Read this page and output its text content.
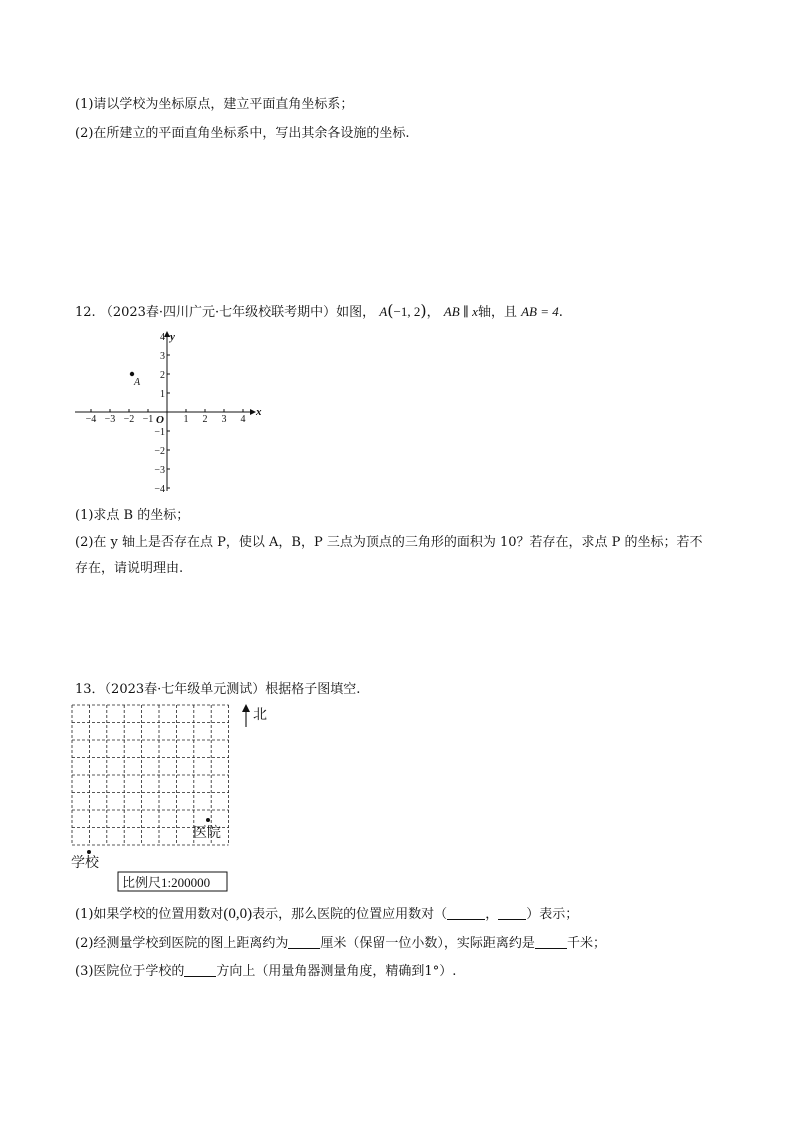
(1)请以学校为坐标原点，建立平面直角坐标系；
(2)在所建立的平面直角坐标系中，写出其余各设施的坐标.
12. （2023春·四川广元·七年级校联考期中）如图， A(−1, 2)， AB ∥ x轴，且 AB = 4.
−4 −3 −2 −1	1 2 3 4
4
3
2
1
−1
−2
−3
−4
x
y
O
A
(1)求点 B 的坐标；
(2)在 y 轴上是否存在点 P，使以 A，B，P 三点为顶点的三角形的面积为 10？若存在，求点 P 的坐标；若不
存在，请说明理由.
13．（2023春·七年级单元测试）根据格子图填空.
北
医院
学校
比例尺1:200000
(1)如果学校的位置用数对(0,0)表示，那么医院的位置应用数对（	， ）表示；
(2)经测量学校到医院的图上距离约为 厘米（保留一位小数），实际距离约是 千米；
(3)医院位于学校的 方向上（用量角器测量角度，精确到1°）.
